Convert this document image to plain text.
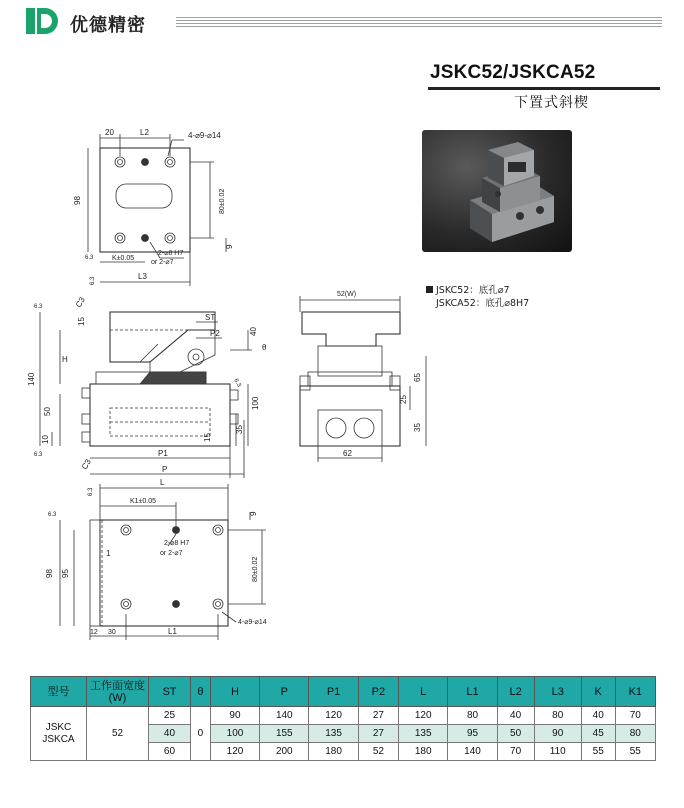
优德精密
JSKC52/JSKCA52
下置式斜楔
JSKC52：底孔⌀7
JSKCA52：底孔⌀8H7
20	L2	4-⌀9-⌀14
98	80±0.02
9
K±0.05
2-⌀8 H7
or 2-⌀7
L3
6.3
6.3
6.3	C3
15	ST
P2	40
θ
H
140	6.3
100
50
35
15
10
6.3	P1
C3	P
52(W)
65
25
35
62
L
6.3
K1±0.05
6.3	9
2-⌀8 H7
or 2-⌀7
1
98 95	80±0.02
12 30	L1
4-⌀9-⌀14
型号	工作面宽度
(W)	ST	θ	H	P	P1	P2	L	L1	L2	L3	K	K1
JSKC
JSKCA	52	25	0	90	140	120	27	120	80	40	80	40	70
		40		100	155	135	27	135	95	50	90	45	80
		60		120	200	180	52	180	140	70	110	55	55
